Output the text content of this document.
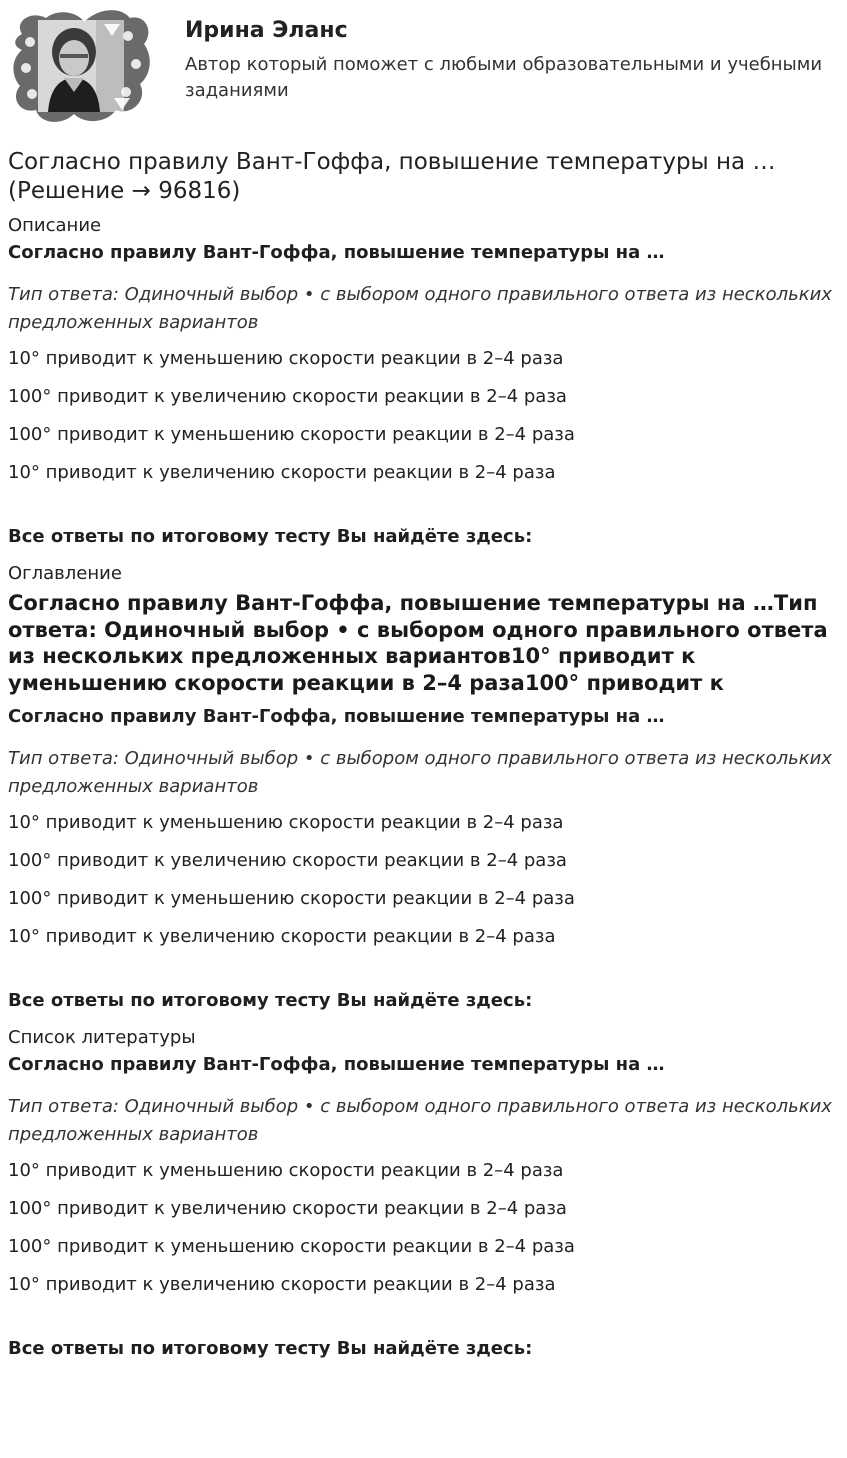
Ирина Эланс

Автор который поможет с любыми образовательными и учебными заданиями

Согласно правилу Вант-Гоффа, повышение температуры на … (Решение → 96816)
Описание
Согласно правилу Вант-Гоффа, повышение температуры на …
Тип ответа: Одиночный выбор • с выбором одного правильного ответа из нескольких предложенных вариантов
10° приводит к уменьшению скорости реакции в 2–4 раза
100° приводит к увеличению скорости реакции в 2–4 раза
100° приводит к уменьшению скорости реакции в 2–4 раза
10° приводит к увеличению скорости реакции в 2–4 раза
Все ответы по итоговому тесту Вы найдёте здесь:
Оглавление
Согласно правилу Вант-Гоффа, повышение температуры на …Тип ответа: Одиночный выбор • с выбором одного правильного ответа из нескольких предложенных вариантов10° приводит к уменьшению скорости реакции в 2–4 раза100° приводит к
Согласно правилу Вант-Гоффа, повышение температуры на …
Тип ответа: Одиночный выбор • с выбором одного правильного ответа из нескольких предложенных вариантов
10° приводит к уменьшению скорости реакции в 2–4 раза
100° приводит к увеличению скорости реакции в 2–4 раза
100° приводит к уменьшению скорости реакции в 2–4 раза
10° приводит к увеличению скорости реакции в 2–4 раза
Все ответы по итоговому тесту Вы найдёте здесь:
Список литературы
Согласно правилу Вант-Гоффа, повышение температуры на …
Тип ответа: Одиночный выбор • с выбором одного правильного ответа из нескольких предложенных вариантов
10° приводит к уменьшению скорости реакции в 2–4 раза
100° приводит к увеличению скорости реакции в 2–4 раза
100° приводит к уменьшению скорости реакции в 2–4 раза
10° приводит к увеличению скорости реакции в 2–4 раза
Все ответы по итоговому тесту Вы найдёте здесь:
